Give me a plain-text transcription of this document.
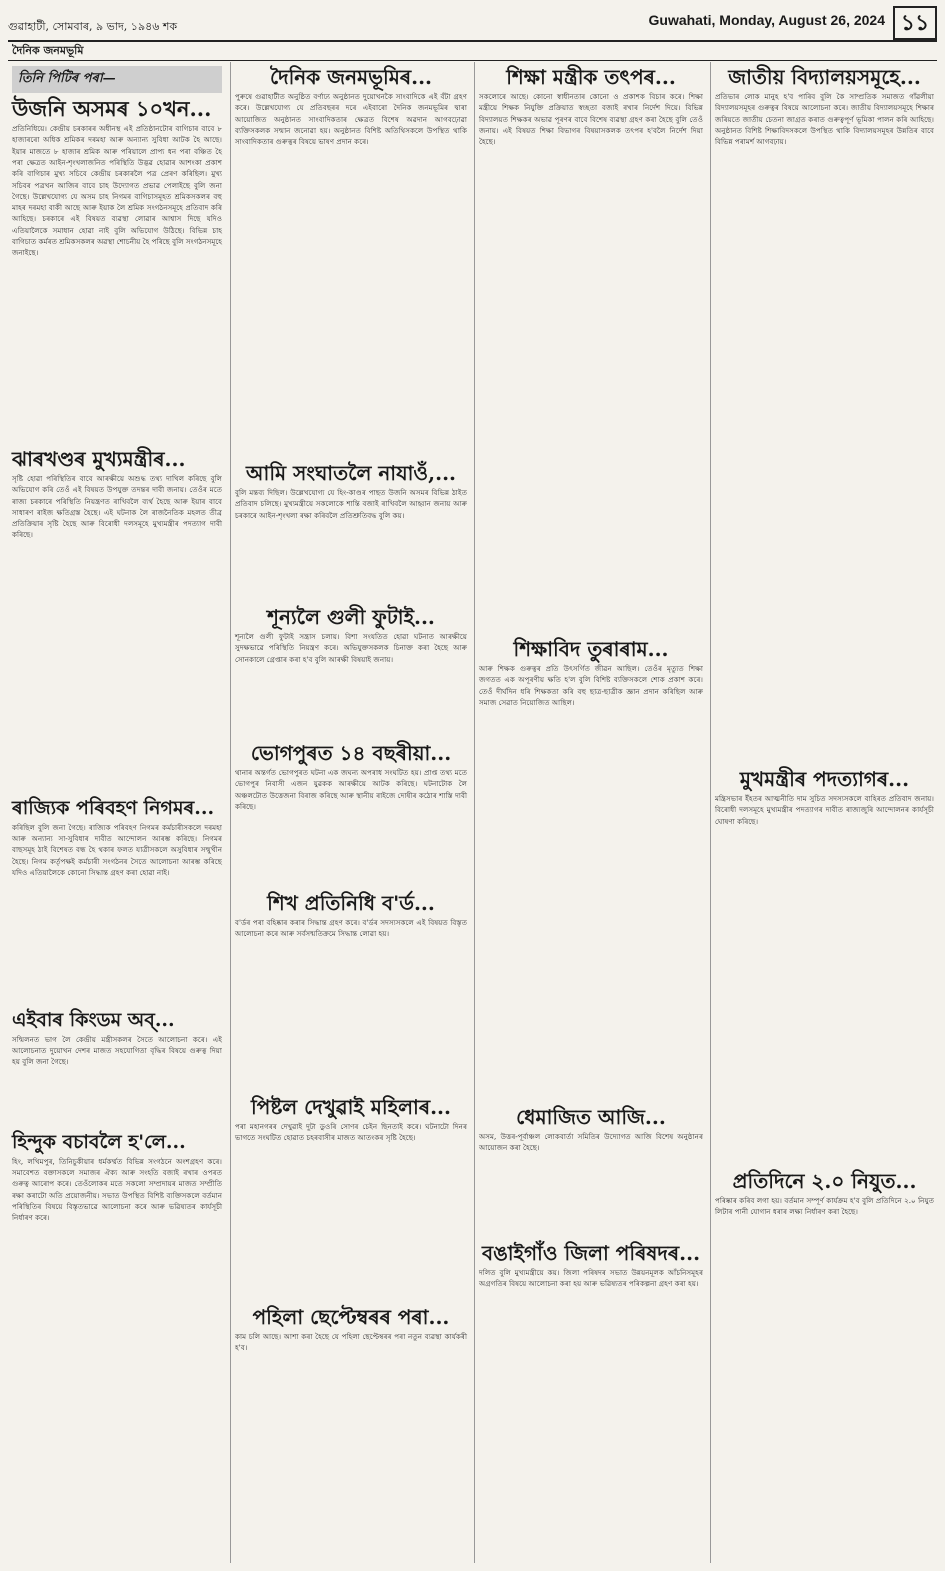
গুৱাহাটী, সোমবাৰ, ৯ ভাদ, ১৯৪৬ শক	Guwahati, Monday, August 26, 2024 ১১
দৈনিক জনমভূমি
তিনি পিটিৰ পৰা—
উজনি অসমৰ ১০খন...

প্ৰতিনিধিয়ে। কেন্দ্ৰীয় চৰকাৰৰ অধীনস্থ এই প্ৰতিষ্ঠানটোৰ বাগিচাৰ বাবে ৮ হাজাৰৰো অধিক শ্ৰমিকৰ দৰমহা আৰু অন্যান্য সুবিধা আটক হৈ আছে। ইয়াৰ মাজতে ৮ হাজাৰ শ্ৰমিক আৰু পৰিয়ালে প্ৰাপ্য ধন পৰা বঞ্চিত হৈ পৰা ক্ষেত্ৰত আইন-শৃংখলাজনিত পৰিস্থিতি উদ্ভৱ হোৱাৰ আশংকা প্ৰকাশ কৰি বাগিচাৰ মুখ্য সচিবে কেন্দ্ৰীয় চৰকাৰলৈ পত্ৰ প্ৰেৰণ কৰিছিল। মুখ্য সচিবৰ পত্ৰখন আজিৰ বাবে চাহ উদ্যোগত প্ৰভাৱ পেলাইছে বুলি জনা গৈছে। উল্লেখযোগ্য যে অসম চাহ নিগমৰ বাগিচাসমূহত শ্ৰমিকসকলৰ বহু মাহৰ দৰমহা বাকী আছে আৰু ইয়াক লৈ শ্ৰমিক সংগঠনসমূহে প্ৰতিবাদ কৰি আহিছে। চৰকাৰে এই বিষয়ত ব্যৱস্থা লোৱাৰ আশ্বাস দিছে যদিও এতিয়ালৈকে সমাধান হোৱা নাই বুলি অভিযোগ উঠিছে। বিভিন্ন চাহ বাগিচাত কৰ্মৰত শ্ৰমিকসকলৰ অৱস্থা শোচনীয় হৈ পৰিছে বুলি সংগঠনসমূহে জনাইছে।

ঝাৰখণ্ডৰ মুখ্যমন্ত্ৰীৰ...

সৃষ্টি হোৱা পৰিস্থিতিৰ বাবে আৰক্ষীয়ে অশুদ্ধ তথ্য দাখিল কৰিছে বুলি অভিযোগ কৰি তেওঁ এই বিষয়ত উপযুক্ত তদন্তৰ দাবী জনায়। তেওঁৰ মতে ৰাজ্য চৰকাৰে পৰিস্থিতি নিয়ন্ত্ৰণত ৰাখিবলৈ ব্যৰ্থ হৈছে আৰু ইয়াৰ বাবে সাধাৰণ ৰাইজ ক্ষতিগ্ৰস্ত হৈছে। এই ঘটনাক লৈ ৰাজনৈতিক মহলত তীব্ৰ প্ৰতিক্ৰিয়াৰ সৃষ্টি হৈছে আৰু বিৰোধী দলসমূহে মুখ্যমন্ত্ৰীৰ পদত্যাগ দাবী কৰিছে।

ৰাজ্যিক পৰিবহণ নিগমৰ...

কৰিছিল বুলি জনা গৈছে। ৰাজ্যিক পৰিবহণ নিগমৰ কৰ্মচাৰীসকলে দৰমহা আৰু অন্যান্য সা-সুবিধাৰ দাবীত আন্দোলন আৰম্ভ কৰিছে। নিগমৰ বাছসমূহ ঠাই বিশেষত বন্ধ হৈ থকাৰ ফলত যাত্ৰীসকলে অসুবিধাৰ সন্মুখীন হৈছে। নিগম কৰ্তৃপক্ষই কৰ্মচাৰী সংগঠনৰ সৈতে আলোচনা আৰম্ভ কৰিছে যদিও এতিয়ালৈকে কোনো সিদ্ধান্ত গ্ৰহণ কৰা হোৱা নাই।

এইবাৰ কিংডম অব্...

সন্মিলনত ভাগ লৈ কেন্দ্ৰীয় মন্ত্ৰীসকলৰ সৈতে আলোচনা কৰে। এই আলোচনাত দুয়োখন দেশৰ মাজত সহযোগিতা বৃদ্ধিৰ বিষয়ে গুৰুত্ব দিয়া হয় বুলি জনা গৈছে।

হিন্দুক বচাবলৈ হ'লে...

হিং, লখিমপুৰ, তিনিচুকীয়াৰ ধৰ্মকৰ্ম্মত বিভিন্ন সংগঠনে অংশগ্ৰহণ কৰে। সমাবেশত বক্তাসকলে সমাজৰ ঐক্য আৰু সংহতি বজাই ৰখাৰ ওপৰত গুৰুত্ব আৰোপ কৰে। তেওঁলোকৰ মতে সকলো সম্প্ৰদায়ৰ মাজত সম্প্ৰীতি ৰক্ষা কৰাটো অতি প্ৰয়োজনীয়। সভাত উপস্থিত বিশিষ্ট ব্যক্তিসকলে বৰ্তমান পৰিস্থিতিৰ বিষয়ে বিস্তৃতভাৱে আলোচনা কৰে আৰু ভৱিষ্যতৰ কাৰ্যসূচী নিৰ্ধাৰণ কৰে।

দৈনিক জনমভূমিৰ...

পুৰুষে গুৱাহাটীত অনুষ্ঠিত বৰ্ণাঢ্য অনুষ্ঠানত দুয়োখনকৈ সাংবাদিকে এই বঁটা গ্ৰহণ কৰে। উল্লেখযোগ্য যে প্ৰতিবছৰৰ দৰে এইবাৰো দৈনিক জনমভূমিৰ দ্বাৰা আয়োজিত অনুষ্ঠানত সাংবাদিকতাৰ ক্ষেত্ৰত বিশেষ অৱদান আগবঢ়োৱা ব্যক্তিসকলক সন্মান জনোৱা হয়। অনুষ্ঠানত বিশিষ্ট অতিথিসকলে উপস্থিত থাকি সাংবাদিকতাৰ গুৰুত্বৰ বিষয়ে ভাষণ প্ৰদান কৰে।

আমি সংঘাতলৈ নাযাওঁ,...

বুলি মন্তব্য দিছিল। উল্লেখযোগ্য যে হিং-কাণ্ডৰ পাছত উজনি অসমৰ বিভিন্ন ঠাইত প্ৰতিবাদ চলিছে। মুখ্যমন্ত্ৰীয়ে সকলোকে শান্তি বজাই ৰাখিবলৈ আহ্বান জনায় আৰু চৰকাৰে আইন-শৃংখলা ৰক্ষা কৰিবলৈ প্ৰতিশ্ৰুতিবদ্ধ বুলি কয়।

শূন্যলৈ গুলী ফুটাই...

শূন্যলৈ গুলী ফুটাই সন্ত্ৰাস চলায়। বিশা সংযতিত হোৱা ঘটনাত আৰক্ষীয়ে সুদক্ষভাৱে পৰিস্থিতি নিয়ন্ত্ৰণ কৰে। অভিযুক্তসকলক চিনাক্ত কৰা হৈছে আৰু সোনকালে গ্ৰেপ্তাৰ কৰা হ'ব বুলি আৰক্ষী বিষয়াই জনায়।

ভোগপুৰত ১৪ বছৰীয়া...

থানাৰ অন্তৰ্গত ভোগপুৰত ঘটনা এক জঘন্য অপৰাধ সংঘটিত হয়। প্ৰাপ্ত তথ্য মতে ভোগপুৰ নিবাসী এজন যুৱকক আৰক্ষীয়ে আটক কৰিছে। ঘটনাটোক লৈ অঞ্চলটোত উত্তেজনা বিৰাজ কৰিছে আৰু স্থানীয় ৰাইজে দোষীৰ কঠোৰ শাস্তি দাবী কৰিছে।

শিখ প্ৰতিনিধি ব'ৰ্ড...

ব'ৰ্ডৰ পৰা বহিষ্কাৰ কৰাৰ সিদ্ধান্ত গ্ৰহণ কৰে। ব'ৰ্ডৰ সদস্যসকলে এই বিষয়ত বিস্তৃত আলোচনা কৰে আৰু সৰ্বসন্মতিক্ৰমে সিদ্ধান্ত লোৱা হয়।

পিষ্টল দেখুৱাই মহিলাৰ...

পৰা মহানগৰৰ দেখুৱাই দুটা ডুওৰি সোণৰ চেইন ছিনতাই কৰে। ঘটনাটো দিনৰ ভাগতে সংঘটিত হোৱাত চহৰবাসীৰ মাজত আতংকৰ সৃষ্টি হৈছে।

পহিলা ছেপ্টেম্বৰৰ পৰা...

কাম চলি আছে। আশা কৰা হৈছে যে পহিলা ছেপ্টেম্বৰৰ পৰা নতুন ব্যৱস্থা কাৰ্যকৰী হ'ব।

শিক্ষা মন্ত্ৰীক তৎপৰ...

সকলোৰে আছে। কোনো স্বাধীনতাৰ কোনো ও প্ৰকাশক বিচাৰ কৰে। শিক্ষা মন্ত্ৰীয়ে শিক্ষক নিযুক্তি প্ৰক্ৰিয়াত স্বচ্ছতা বজাই ৰখাৰ নিৰ্দেশ দিয়ে। বিভিন্ন বিদ্যালয়ত শিক্ষকৰ অভাৱ পূৰণৰ বাবে বিশেষ ব্যৱস্থা গ্ৰহণ কৰা হৈছে বুলি তেওঁ জনায়। এই বিষয়ত শিক্ষা বিভাগৰ বিষয়াসকলক তৎপৰ হ'বলৈ নিৰ্দেশ দিয়া হৈছে।

শিক্ষাবিদ তুৰাৰাম...

আৰু শিক্ষক গুৰুত্বৰ প্ৰতি উৎসৰ্গিত জীৱন আছিল। তেওঁৰ মৃত্যুত শিক্ষা জগতত এক অপূৰণীয় ক্ষতি হ'ল বুলি বিশিষ্ট ব্যক্তিসকলে শোক প্ৰকাশ কৰে। তেওঁ দীৰ্ঘদিন ধৰি শিক্ষকতা কৰি বহু ছাত্ৰ-ছাত্ৰীক জ্ঞান প্ৰদান কৰিছিল আৰু সমাজ সেৱাত নিয়োজিত আছিল।

ধেমাজিত আজি...

অসম, উত্তৰ-পূৰ্বাঞ্চল লোকবাৰ্তা সমিতিৰ উদ্যোগত আজি বিশেষ অনুষ্ঠানৰ আয়োজন কৰা হৈছে।

বঙাইগাঁও জিলা পৰিষদৰ...

দলিত বুলি মুখ্যমন্ত্ৰীয়ে কয়। জিলা পৰিষদৰ সভাত উন্নয়নমূলক আঁচনিসমূহৰ অগ্ৰগতিৰ বিষয়ে আলোচনা কৰা হয় আৰু ভৱিষ্যতৰ পৰিকল্পনা গ্ৰহণ কৰা হয়।

জাতীয় বিদ্যালয়সমূহে...

প্ৰতিভাৰ লোক মানুহ হ'ব পাৰিব বুলি কৈ সাম্প্ৰতিক সমাজত গাঁৱলীয়া বিদ্যালয়সমূহৰ গুৰুত্বৰ বিষয়ে আলোচনা কৰে। জাতীয় বিদ্যালয়সমূহে শিক্ষাৰ জৰিয়তে জাতীয় চেতনা জাগ্ৰত কৰাত গুৰুত্বপূৰ্ণ ভূমিকা পালন কৰি আহিছে। অনুষ্ঠানত বিশিষ্ট শিক্ষাবিদসকলে উপস্থিত থাকি বিদ্যালয়সমূহৰ উন্নতিৰ বাবে বিভিন্ন পৰামৰ্শ আগবঢ়ায়।

মুখমন্ত্ৰীৰ পদত্যাগৰ...

মন্ত্ৰিসভাৰ ইঁহতৰ আত্মনীতি দাম সুচিত সদস্যসকলে বাহিৰত প্ৰতিবাদ জনায়। বিৰোধী দলসমূহে মুখ্যমন্ত্ৰীৰ পদত্যাগৰ দাবীত ৰাজ্যজুৰি আন্দোলনৰ কাৰ্যসূচী ঘোষণা কৰিছে।

প্ৰতিদিনে ২.০ নিযুত...

পৰিষ্কাৰ কৰিব লগা হয়। বৰ্তমান সম্পূৰ্ণ কাৰ্যক্ৰম হ'ব বুলি প্ৰতিদিনে ২.০ নিযুত লিটাৰ পানী যোগান ধৰাৰ লক্ষ্য নিৰ্ধাৰণ কৰা হৈছে।
